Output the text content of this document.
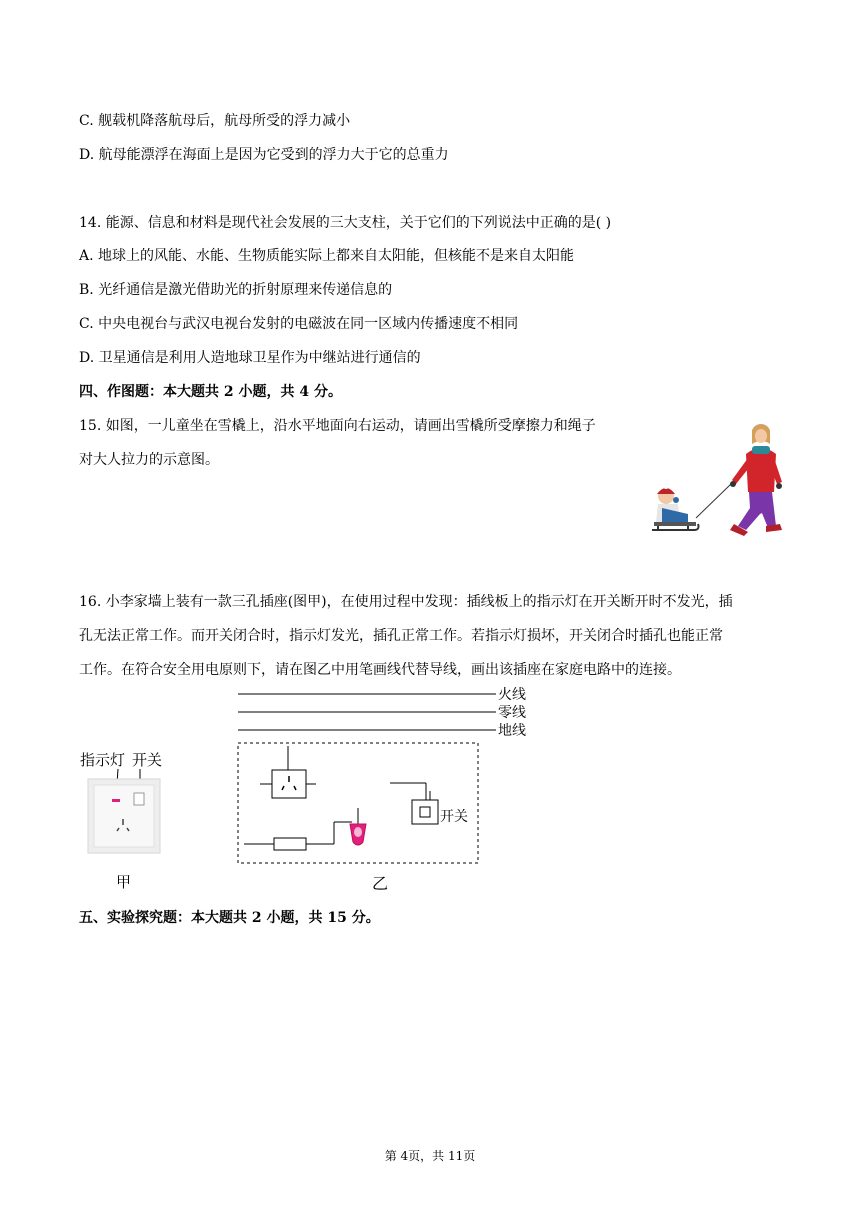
C. 舰载机降落航母后，航母所受的浮力减小

D. 航母能漂浮在海面上是因为它受到的浮力大于它的总重力

14. 能源、信息和材料是现代社会发展的三大支柱，关于它们的下列说法中正确的是( )

A. 地球上的风能、水能、生物质能实际上都来自太阳能，但核能不是来自太阳能

B. 光纤通信是激光借助光的折射原理来传递信息的

C. 中央电视台与武汉电视台发射的电磁波在同一区域内传播速度不相同

D. 卫星通信是利用人造地球卫星作为中继站进行通信的

四、作图题：本大题共 2 小题，共 4 分。

15. 如图，一儿童坐在雪橇上，沿水平地面向右运动，请画出雪橇所受摩擦力和绳子

对大人拉力的示意图。

16. 小李家墙上装有一款三孔插座(图甲)，在使用过程中发现：插线板上的指示灯在开关断开时不发光，插

孔无法正常工作。而开关闭合时，指示灯发光，插孔正常工作。若指示灯损坏，开关闭合时插孔也能正常

工作。在符合安全用电原则下，请在图乙中用笔画线代替导线，画出该插座在家庭电路中的连接。

指示灯 开关
甲
火线
零线
地线
开关
乙

五、实验探究题：本大题共 2 小题，共 15 分。

第 4页，共 11页
